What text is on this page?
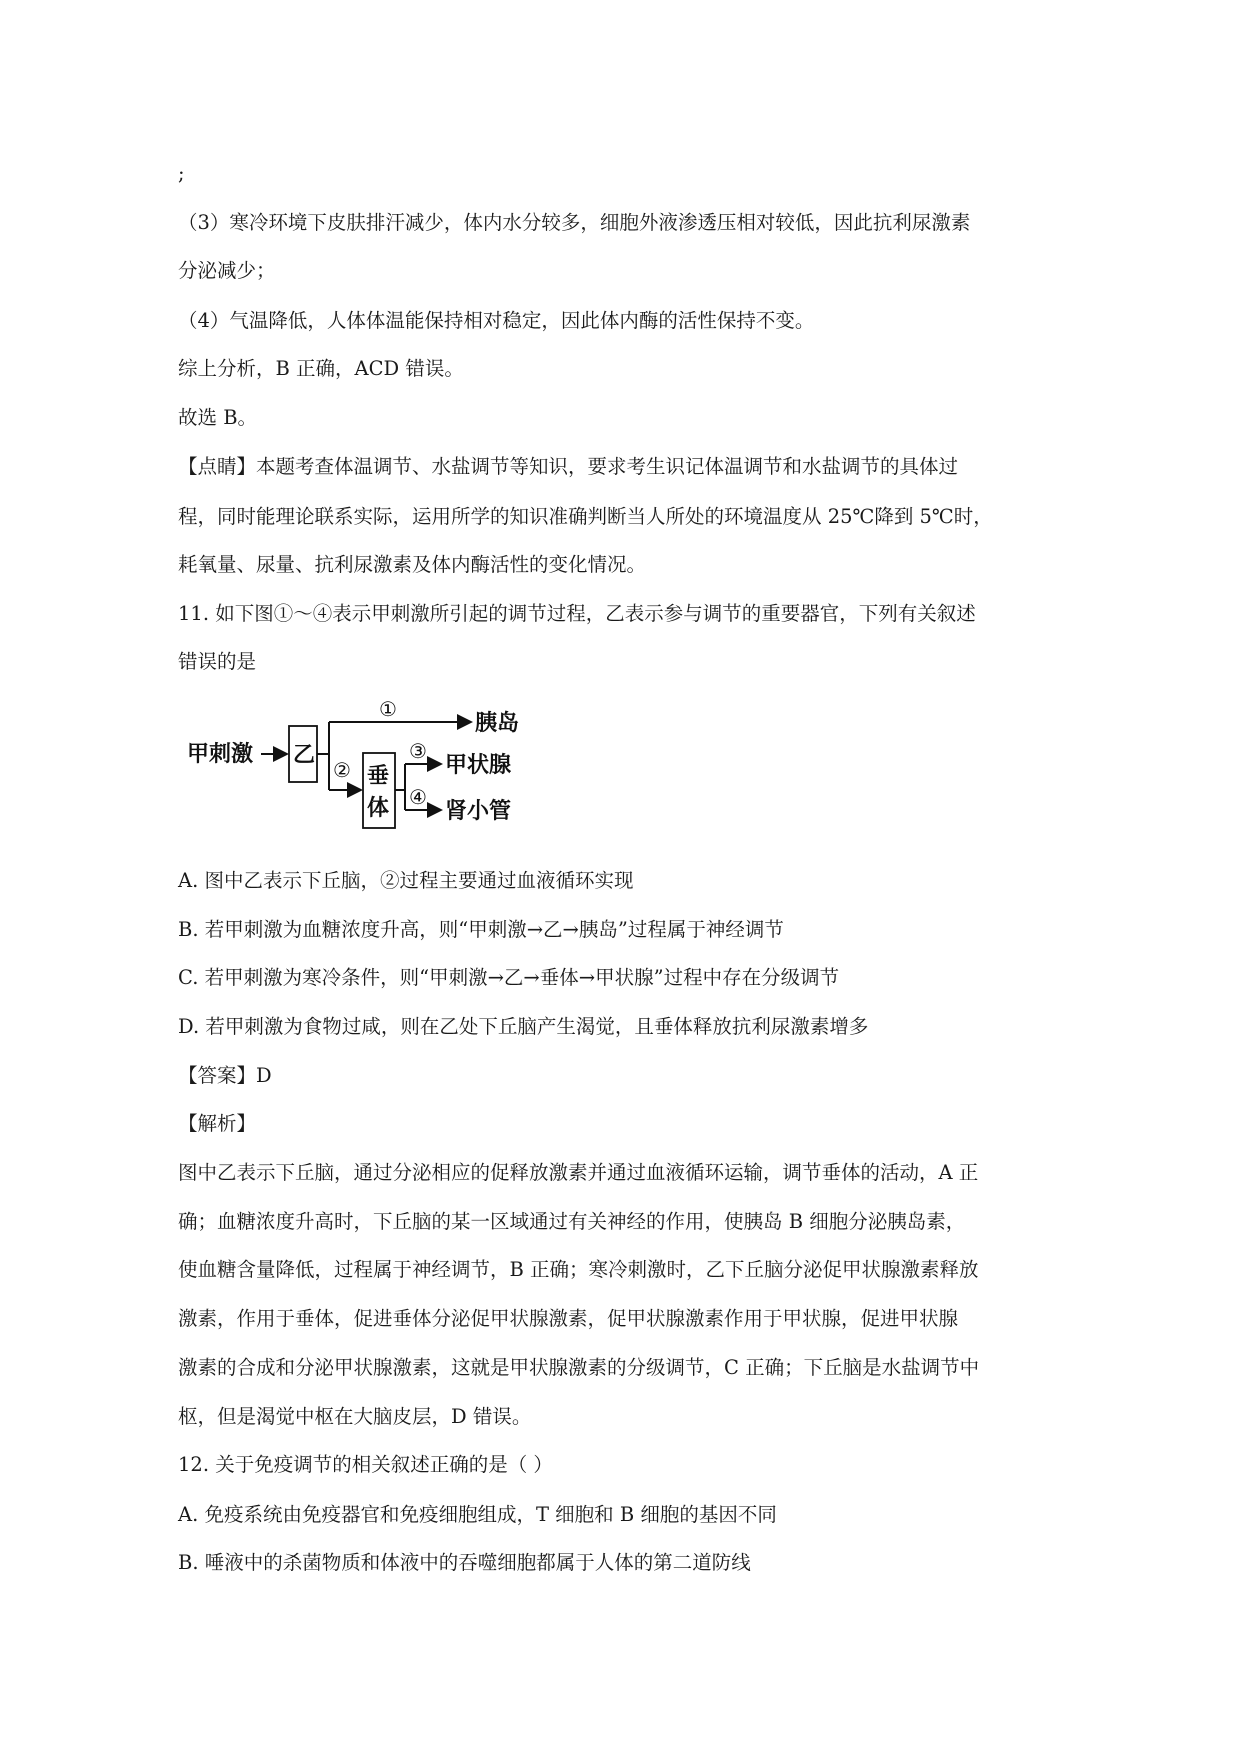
;
（3）寒冷环境下皮肤排汗减少，体内水分较多，细胞外液渗透压相对较低，因此抗利尿激素
分泌减少；
（4）气温降低，人体体温能保持相对稳定，因此体内酶的活性保持不变。
综上分析，B 正确，ACD 错误。
故选 B。
【点睛】本题考查体温调节、水盐调节等知识，要求考生识记体温调节和水盐调节的具体过
程，同时能理论联系实际，运用所学的知识准确判断当人所处的环境温度从 25℃降到 5℃时，
耗氧量、尿量、抗利尿激素及体内酶活性的变化情况。
11. 如下图①～④表示甲刺激所引起的调节过程，乙表示参与调节的重要器官，下列有关叙述
错误的是
A. 图中乙表示下丘脑，②过程主要通过血液循环实现
B. 若甲刺激为血糖浓度升高，则“甲刺激→乙→胰岛”过程属于神经调节
C. 若甲刺激为寒冷条件，则“甲刺激→乙→垂体→甲状腺”过程中存在分级调节
D. 若甲刺激为食物过咸，则在乙处下丘脑产生渴觉，且垂体释放抗利尿激素增多
【答案】D
【解析】
图中乙表示下丘脑，通过分泌相应的促释放激素并通过血液循环运输，调节垂体的活动，A 正
确；血糖浓度升高时，下丘脑的某一区域通过有关神经的作用，使胰岛 B 细胞分泌胰岛素，
使血糖含量降低，过程属于神经调节，B 正确；寒冷刺激时，乙下丘脑分泌促甲状腺激素释放
激素，作用于垂体，促进垂体分泌促甲状腺激素，促甲状腺激素作用于甲状腺，促进甲状腺
激素的合成和分泌甲状腺激素，这就是甲状腺激素的分级调节，C 正确；下丘脑是水盐调节中
枢，但是渴觉中枢在大脑皮层，D 错误。
12. 关于免疫调节的相关叙述正确的是（ ）
A. 免疫系统由免疫器官和免疫细胞组成，T 细胞和 B 细胞的基因不同
B. 唾液中的杀菌物质和体液中的吞噬细胞都属于人体的第二道防线
甲刺激 乙
①
胰岛
② 垂
体
③
④
甲状腺
肾小管
